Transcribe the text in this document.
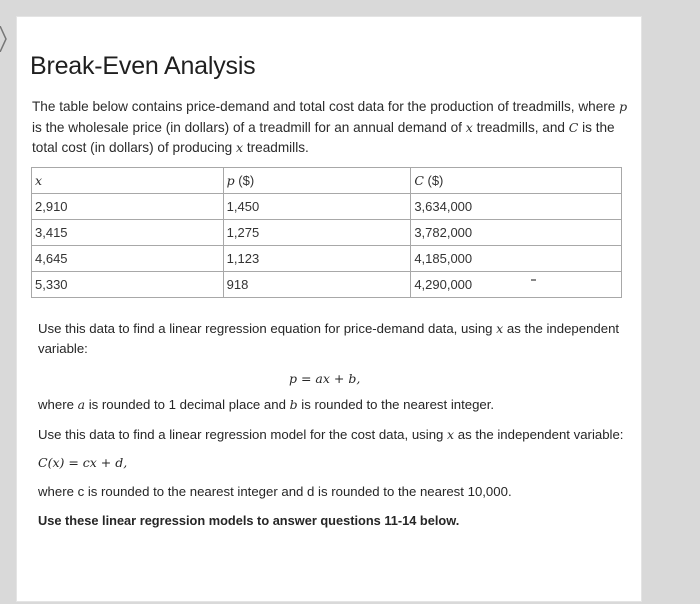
Break-Even Analysis
The table below contains price-demand and total cost data for the production of treadmills, where p is the wholesale price (in dollars) of a treadmill for an annual demand of x treadmills, and C is the total cost (in dollars) of producing x treadmills.
x	p ($)	C ($)
2,910	1,450	3,634,000
3,415	1,275	3,782,000
4,645	1,123	4,185,000
5,330	918	4,290,000
Use this data to find a linear regression equation for price-demand data, using x as the independent variable:
p = ax + b,
where a is rounded to 1 decimal place and b is rounded to the nearest integer.
Use this data to find a linear regression model for the cost data, using x as the independent variable:
C(x) = cx + d,
where c is rounded to the nearest integer and d is rounded to the nearest 10,000.
Use these linear regression models to answer questions 11-14 below.
